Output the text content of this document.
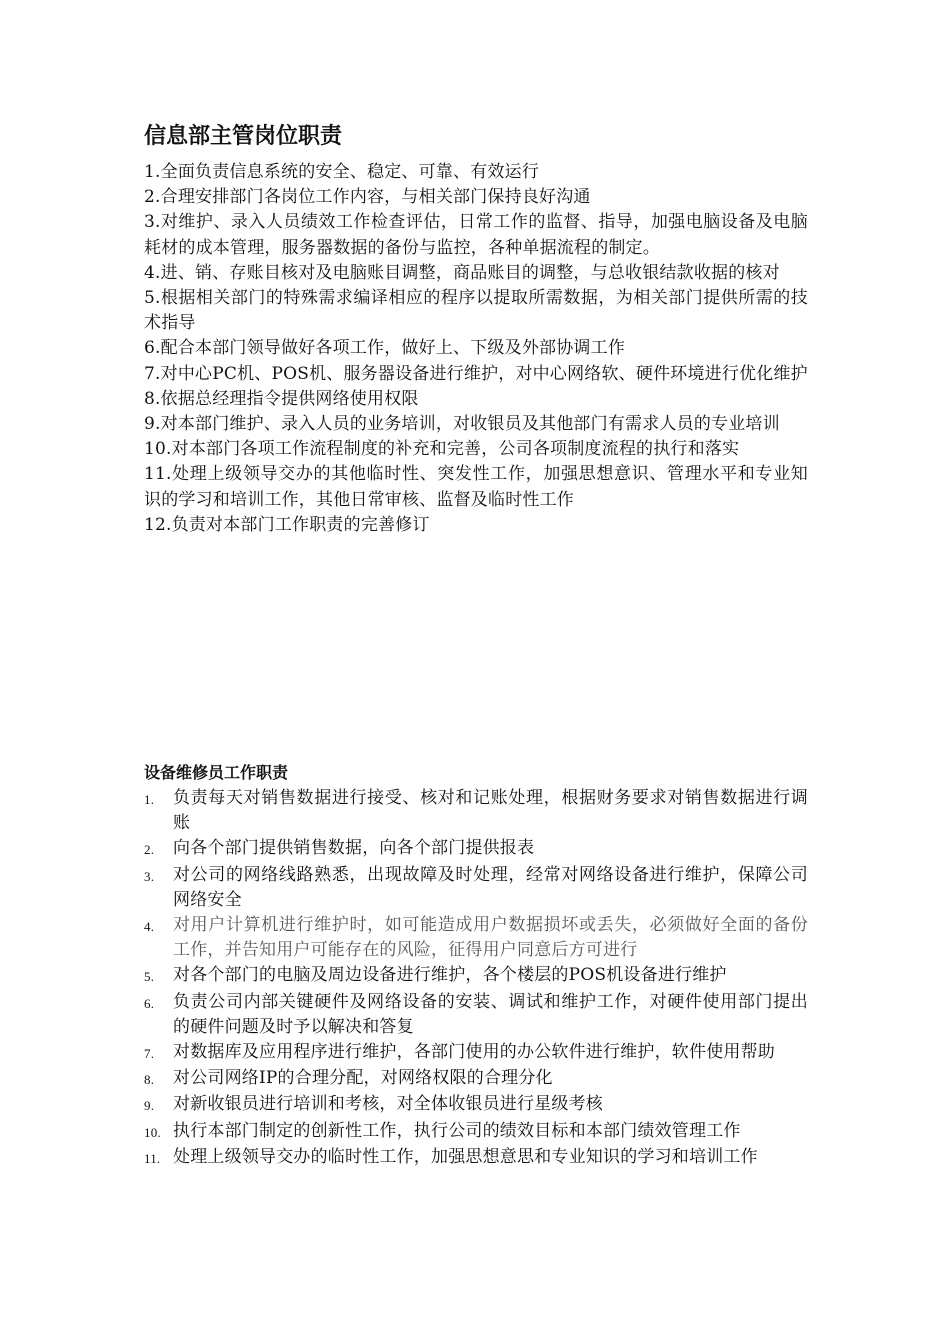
信息部主管岗位职责
1.全面负责信息系统的安全、稳定、可靠、有效运行
2.合理安排部门各岗位工作内容，与相关部门保持良好沟通
3.对维护、录入人员绩效工作检查评估，日常工作的监督、指导，加强电脑设备及电脑耗材的成本管理，服务器数据的备份与监控，各种单据流程的制定。
4.进、销、存账目核对及电脑账目调整，商品账目的调整，与总收银结款收据的核对
5.根据相关部门的特殊需求编译相应的程序以提取所需数据，为相关部门提供所需的技术指导
6.配合本部门领导做好各项工作，做好上、下级及外部协调工作
7.对中心PC机、POS机、服务器设备进行维护，对中心网络软、硬件环境进行优化维护
8.依据总经理指令提供网络使用权限
9.对本部门维护、录入人员的业务培训，对收银员及其他部门有需求人员的专业培训
10.对本部门各项工作流程制度的补充和完善，公司各项制度流程的执行和落实
11.处理上级领导交办的其他临时性、突发性工作，加强思想意识、管理水平和专业知识的学习和培训工作，其他日常审核、监督及临时性工作
12.负责对本部门工作职责的完善修订
设备维修员工作职责
1.	负责每天对销售数据进行接受、核对和记账处理，根据财务要求对销售数据进行调账
2.	向各个部门提供销售数据，向各个部门提供报表
3.	对公司的网络线路熟悉，出现故障及时处理，经常对网络设备进行维护，保障公司网络安全
4.	对用户计算机进行维护时，如可能造成用户数据损坏或丢失，必须做好全面的备份工作，并告知用户可能存在的风险，征得用户同意后方可进行
5.	对各个部门的电脑及周边设备进行维护，各个楼层的POS机设备进行维护
6.	负责公司内部关键硬件及网络设备的安装、调试和维护工作，对硬件使用部门提出的硬件问题及时予以解决和答复
7.	对数据库及应用程序进行维护，各部门使用的办公软件进行维护，软件使用帮助
8.	对公司网络IP的合理分配，对网络权限的合理分化
9.	对新收银员进行培训和考核，对全体收银员进行星级考核
10. 执行本部门制定的创新性工作，执行公司的绩效目标和本部门绩效管理工作
11. 处理上级领导交办的临时性工作，加强思想意思和专业知识的学习和培训工作
